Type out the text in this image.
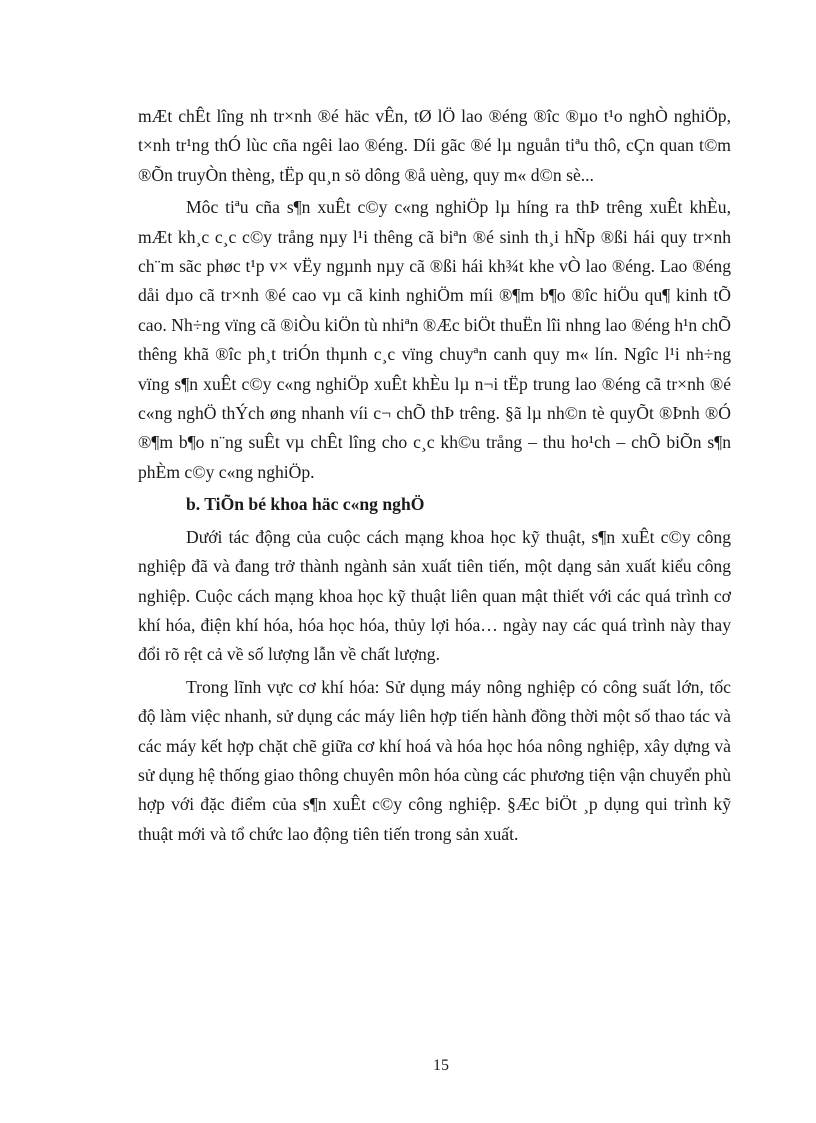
mÆt chÊt lîng nh tr×nh ®é häc vÊn, tØ lÖ lao ®éng ®îc ®µo t¹o nghÒ nghiÖp, t×nh tr¹ng thÓ lùc cña ngêi lao ®éng. Díi gãc ®é lµ nguån tiªu thô, cÇn quan t©m ®Õn truyÒn thèng, tËp qu¸n sö dông ®å uèng, quy m« d©n sè...

Môc tiªu cña s¶n xuÊt c©y c«ng nghiÖp lµ híng ra thÞ trêng xuÊt khÈu, mÆt kh¸c c¸c c©y trång nµy l¹i thêng cã biªn ®é sinh th¸i hÑp ®ßi hái quy tr×nh ch¨m sãc phøc t¹p v× vËy ngµnh nµy cã ®ßi hái kh¾t khe vÒ lao ®éng. Lao ®éng dåi dµo cã tr×nh ®é cao vµ cã kinh nghiÖm míi ®¶m b¶o ®îc hiÖu qu¶ kinh tÕ cao. Nh÷ng vïng cã ®iÒu kiÖn tù nhiªn ®Æc biÖt thuËn lîi nhng lao ®éng h¹n chÕ thêng khã ®îc ph¸t triÓn thµnh c¸c vïng chuyªn canh quy m« lín. Ngîc l¹i nh÷ng vïng s¶n xuÊt c©y c«ng nghiÖp xuÊt khÈu lµ n¬i tËp trung lao ®éng cã tr×nh ®é c«ng nghÖ thÝch øng nhanh víi c¬ chÕ thÞ trêng. §ã lµ nh©n tè quyÕt ®Þnh ®Ó ®¶m b¶o n¨ng suÊt vµ chÊt lîng cho c¸c kh©u trång – thu ho¹ch – chÕ biÕn s¶n phÈm c©y c«ng nghiÖp.

b. TiÕn bé khoa häc c«ng nghÖ

Dưới tác động của cuộc cách mạng khoa học kỹ thuật, s¶n xuÊt c©y công nghiệp đã và đang trở thành ngành sản xuất tiên tiến, một dạng sản xuất kiểu công nghiệp. Cuộc cách mạng khoa học kỹ thuật liên quan mật thiết với các quá trình cơ khí hóa, điện khí hóa, hóa học hóa, thủy lợi hóa… ngày nay các quá trình này thay đổi rõ rệt cả về số lượng lẫn về chất lượng.

Trong lĩnh vực cơ khí hóa: Sử dụng máy nông nghiệp có công suất lớn, tốc độ làm việc nhanh, sử dụng các máy liên hợp tiến hành đồng thời một số thao tác và các máy kết hợp chặt chẽ giữa cơ khí hoá và hóa học hóa nông nghiệp, xây dựng và sử dụng hệ thống giao thông chuyên môn hóa cùng các phương tiện vận chuyển phù hợp với đặc điểm của s¶n xuÊt c©y công nghiệp. §Æc biÖt ¸p dụng qui trình kỹ thuật mới và tổ chức lao động tiên tiến trong sản xuất.

15
